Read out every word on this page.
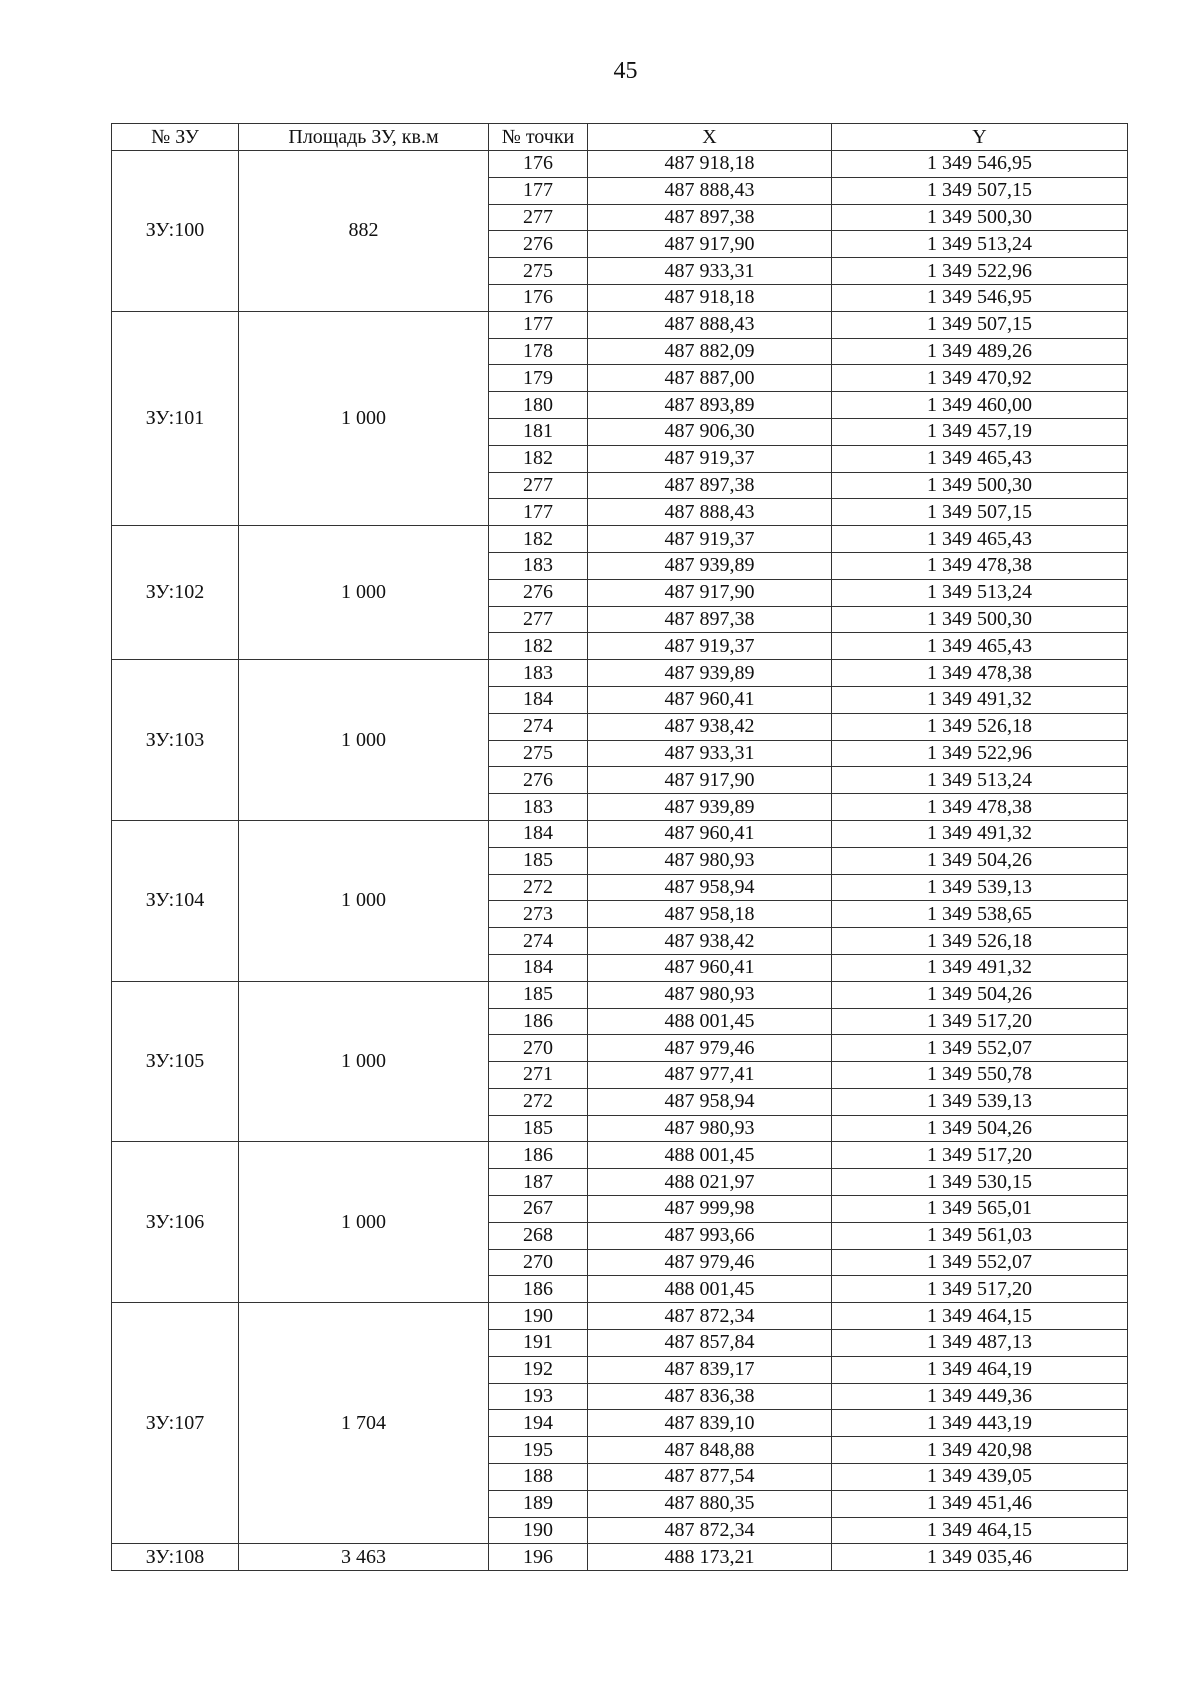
45
№ ЗУ	Площадь ЗУ, кв.м	№ точки	X	Y
ЗУ:100	882	176	487 918,18	1 349 546,95
		177	487 888,43	1 349 507,15
		277	487 897,38	1 349 500,30
		276	487 917,90	1 349 513,24
		275	487 933,31	1 349 522,96
		176	487 918,18	1 349 546,95
ЗУ:101	1 000	177	487 888,43	1 349 507,15
		178	487 882,09	1 349 489,26
		179	487 887,00	1 349 470,92
		180	487 893,89	1 349 460,00
		181	487 906,30	1 349 457,19
		182	487 919,37	1 349 465,43
		277	487 897,38	1 349 500,30
		177	487 888,43	1 349 507,15
ЗУ:102	1 000	182	487 919,37	1 349 465,43
		183	487 939,89	1 349 478,38
		276	487 917,90	1 349 513,24
		277	487 897,38	1 349 500,30
		182	487 919,37	1 349 465,43
ЗУ:103	1 000	183	487 939,89	1 349 478,38
		184	487 960,41	1 349 491,32
		274	487 938,42	1 349 526,18
		275	487 933,31	1 349 522,96
		276	487 917,90	1 349 513,24
		183	487 939,89	1 349 478,38
ЗУ:104	1 000	184	487 960,41	1 349 491,32
		185	487 980,93	1 349 504,26
		272	487 958,94	1 349 539,13
		273	487 958,18	1 349 538,65
		274	487 938,42	1 349 526,18
		184	487 960,41	1 349 491,32
ЗУ:105	1 000	185	487 980,93	1 349 504,26
		186	488 001,45	1 349 517,20
		270	487 979,46	1 349 552,07
		271	487 977,41	1 349 550,78
		272	487 958,94	1 349 539,13
		185	487 980,93	1 349 504,26
ЗУ:106	1 000	186	488 001,45	1 349 517,20
		187	488 021,97	1 349 530,15
		267	487 999,98	1 349 565,01
		268	487 993,66	1 349 561,03
		270	487 979,46	1 349 552,07
		186	488 001,45	1 349 517,20
ЗУ:107	1 704	190	487 872,34	1 349 464,15
		191	487 857,84	1 349 487,13
		192	487 839,17	1 349 464,19
		193	487 836,38	1 349 449,36
		194	487 839,10	1 349 443,19
		195	487 848,88	1 349 420,98
		188	487 877,54	1 349 439,05
		189	487 880,35	1 349 451,46
		190	487 872,34	1 349 464,15
ЗУ:108	3 463	196	488 173,21	1 349 035,46
